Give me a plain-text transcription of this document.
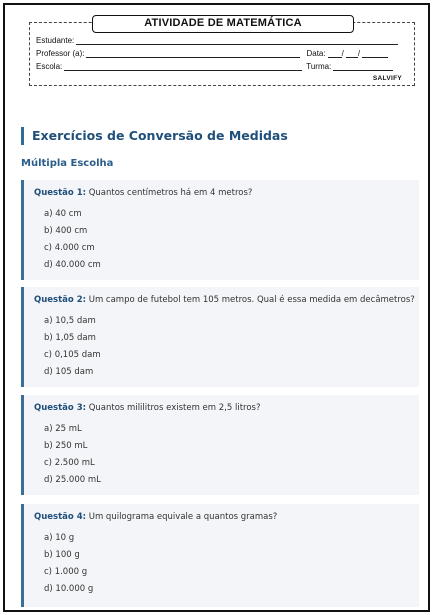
ATIVIDADE DE MATEMÁTICA
Estudante:
Professor (a):	Data: / /
Escola:	Turma:
SALVIFY
Exercícios de Conversão de Medidas
Múltipla Escolha
Questão 1: Quantos centímetros há em 4 metros?
a) 40 cm
b) 400 cm
c) 4.000 cm
d) 40.000 cm
Questão 2: Um campo de futebol tem 105 metros. Qual é essa medida em decâmetros?
a) 10,5 dam
b) 1,05 dam
c) 0,105 dam
d) 105 dam
Questão 3: Quantos mililitros existem em 2,5 litros?
a) 25 mL
b) 250 mL
c) 2.500 mL
d) 25.000 mL
Questão 4: Um quilograma equivale a quantos gramas?
a) 10 g
b) 100 g
c) 1.000 g
d) 10.000 g
